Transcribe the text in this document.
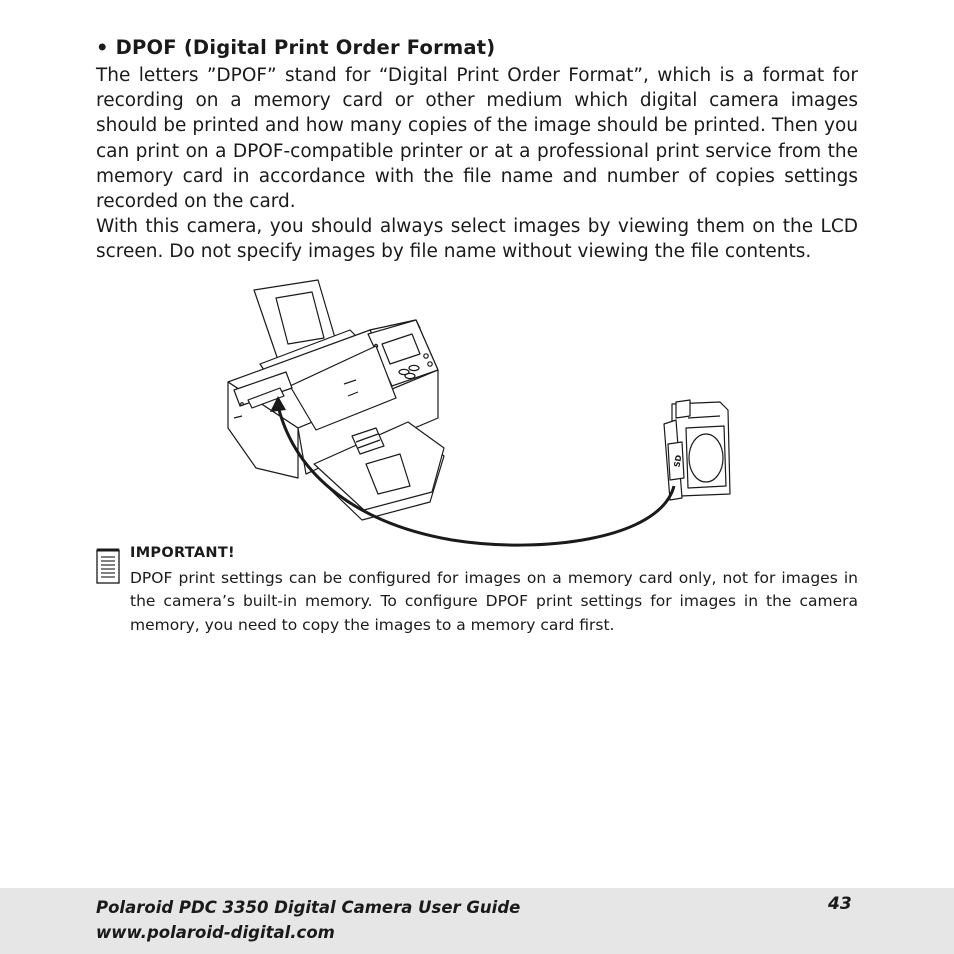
• DPOF (Digital Print Order Format)

The letters ”DPOF” stand for “Digital Print Order Format”, which is a format for recording on a memory card or other medium which digital camera images should be printed and how many copies of the image should be printed. Then you can print on a DPOF-compatible printer or at a professional print service from the memory card in accordance with the file name and number of copies settings recorded on the card.

With this camera, you should always select images by viewing them on the LCD screen. Do not specify images by file name without viewing the file contents.

SD

IMPORTANT!

DPOF print settings can be configured for images on a memory card only, not for images in the camera’s built-in memory. To configure DPOF print settings for images in the camera memory, you need to copy the images to a memory card first.

Polaroid PDC 3350 Digital Camera User Guide

www.polaroid-digital.com

43
